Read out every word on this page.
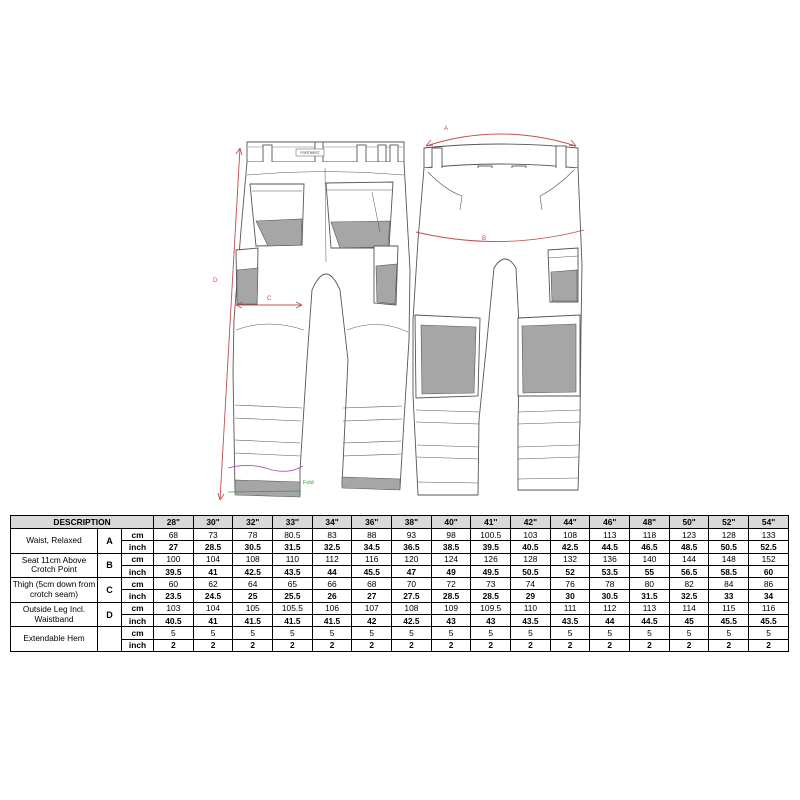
PORTWEST
Fold
D
C
A
B
DESCRIPTION			28"	30"	32"	33''	34"	36"	38"	40"	41''	42"	44"	46"	48"	50"	52"	54"
Waist, Relaxed	A	cm	68	73	78	80.5	83	88	93	98	100.5	103	108	113	118	123	128	133
		inch	27	28.5	30.5	31.5	32.5	34.5	36.5	38.5	39.5	40.5	42.5	44.5	46.5	48.5	50.5	52.5
Seat 11cm Above Crotch Point	B	cm	100	104	108	110	112	116	120	124	126	128	132	136	140	144	148	152
		inch	39.5	41	42.5	43.5	44	45.5	47	49	49.5	50.5	52	53.5	55	56.5	58.5	60
Thigh (5cm down from crotch seam)	C	cm	60	62	64	65	66	68	70	72	73	74	76	78	80	82	84	86
		inch	23.5	24.5	25	25.5	26	27	27.5	28.5	28.5	29	30	30.5	31.5	32.5	33	34
Outside Leg Incl. Waistband	D	cm	103	104	105	105.5	106	107	108	109	109.5	110	111	112	113	114	115	116
		inch	40.5	41	41.5	41.5	41.5	42	42.5	43	43	43.5	43.5	44	44.5	45	45.5	45.5
Extendable Hem		cm	5	5	5	5	5	5	5	5	5	5	5	5	5	5	5	5
		inch	2	2	2	2	2	2	2	2	2	2	2	2	2	2	2	2
